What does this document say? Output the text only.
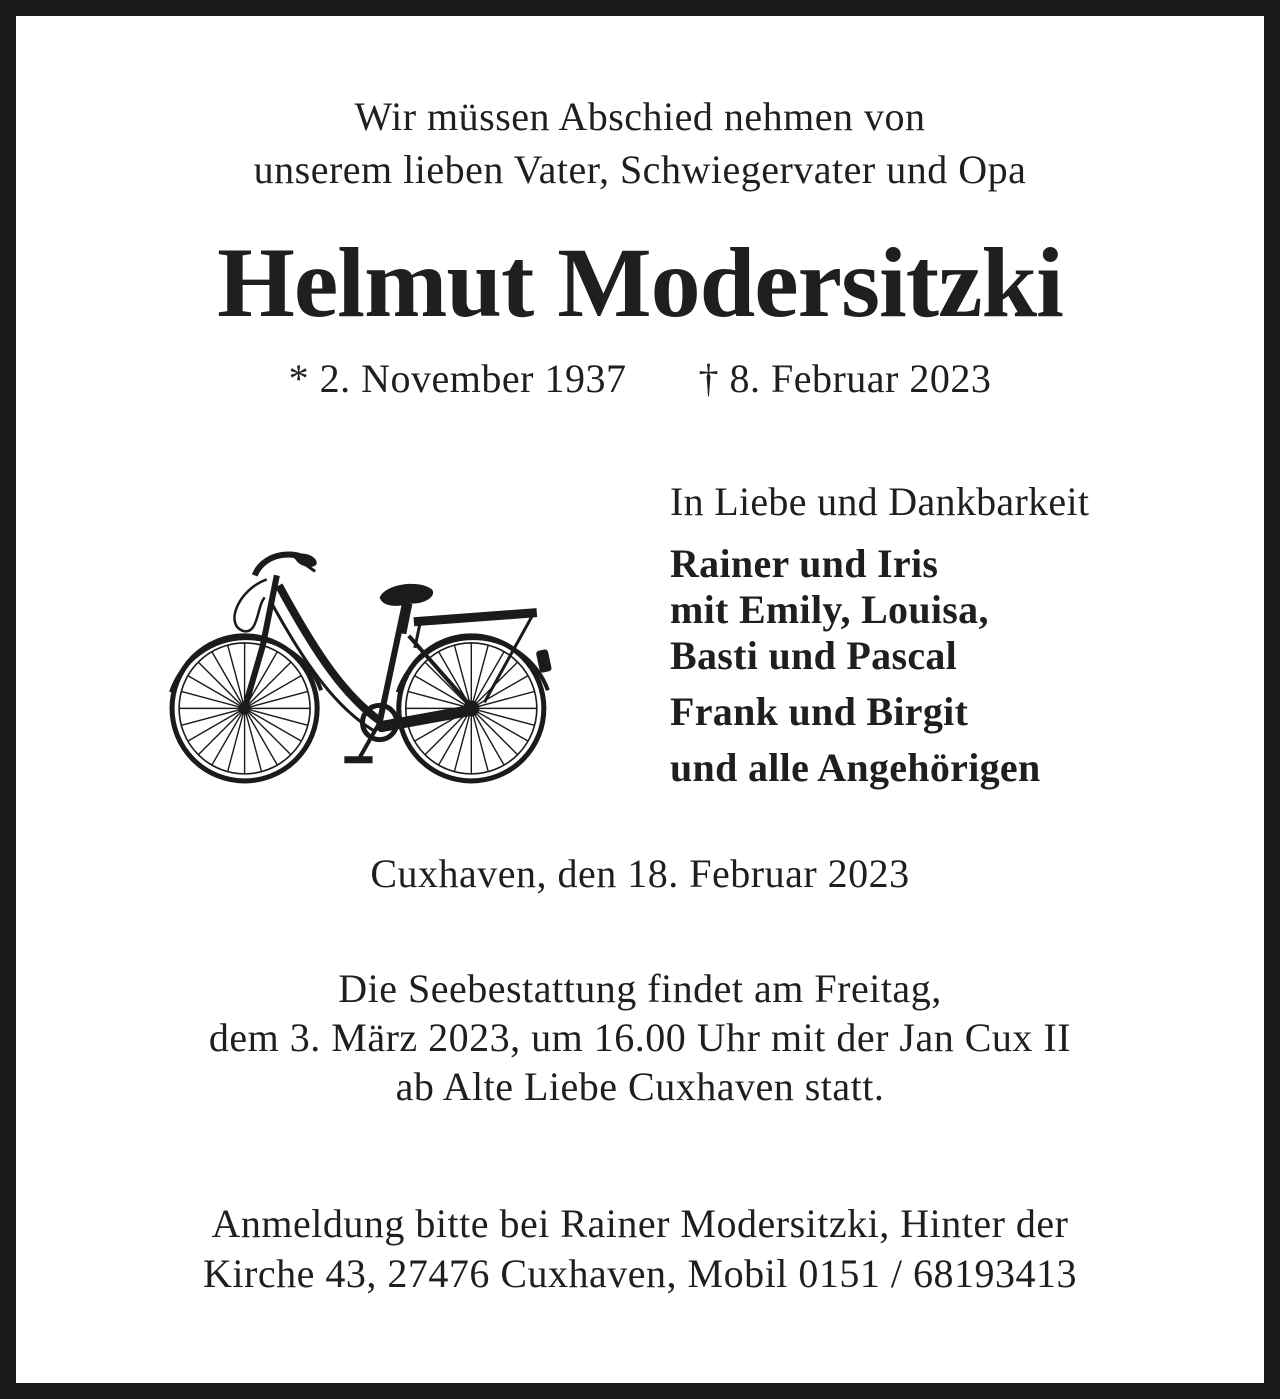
Wir müssen Abschied nehmen von
unserem lieben Vater, Schwiegervater und Opa
Helmut Modersitzki
* 2. November 1937 † 8. Februar 2023
In Liebe und Dankbarkeit
Rainer und Iris
mit Emily, Louisa,
Basti und Pascal
Frank und Birgit
und alle Angehörigen
Cuxhaven, den 18. Februar 2023
Die Seebestattung findet am Freitag,
dem 3. März 2023, um 16.00 Uhr mit der Jan Cux II
ab Alte Liebe Cuxhaven statt.
Anmeldung bitte bei Rainer Modersitzki, Hinter der
Kirche 43, 27476 Cuxhaven, Mobil 0151 / 68193413
